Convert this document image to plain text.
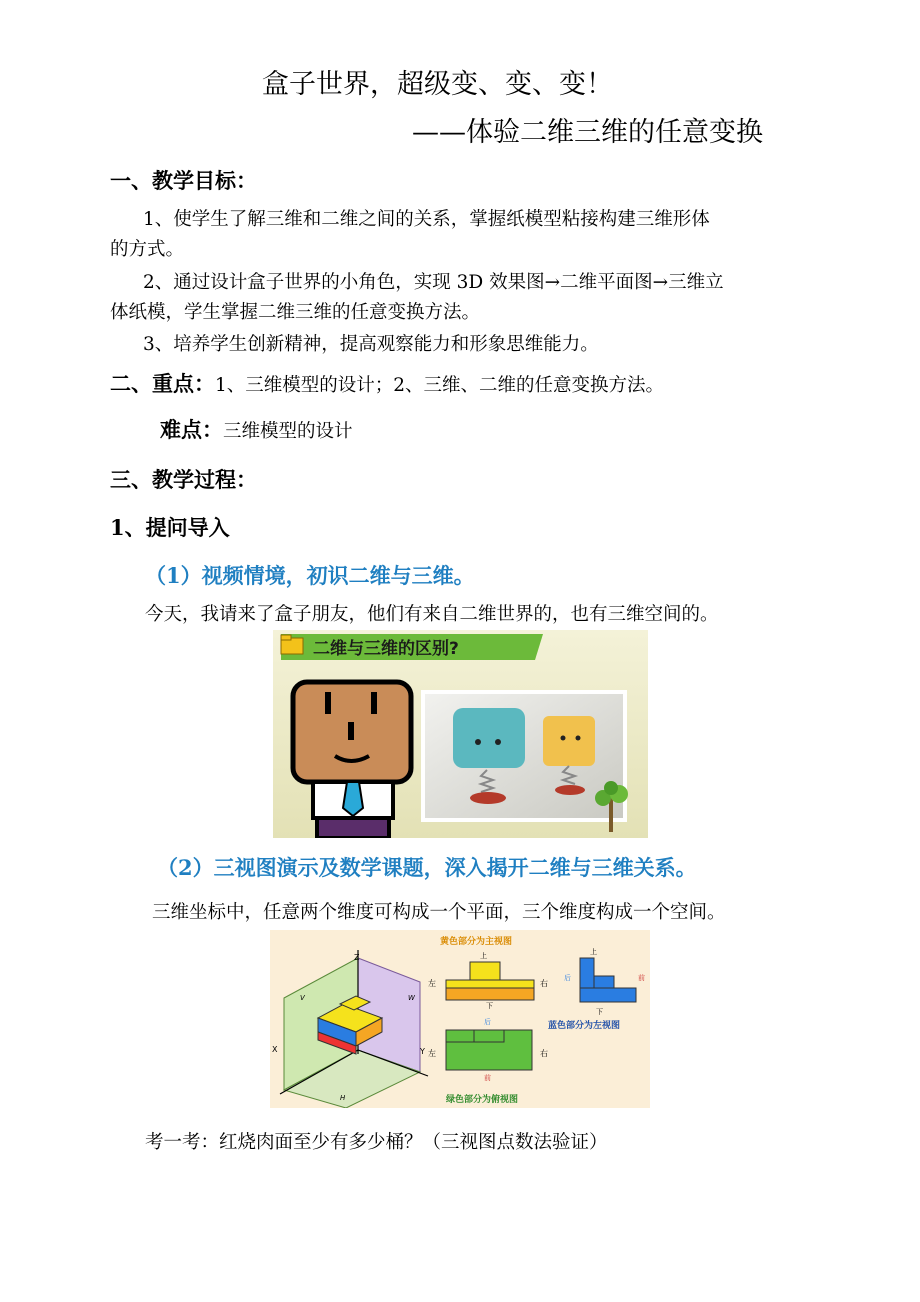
盒子世界，超级变、变、变！
——体验二维三维的任意变换
一、教学目标：
1、使学生了解三维和二维之间的关系，掌握纸模型粘接构建三维形体
的方式。
2、通过设计盒子世界的小角色，实现 3D 效果图→二维平面图→三维立
体纸模，学生掌握二维三维的任意变换方法。
3、培养学生创新精神，提高观察能力和形象思维能力。
二、重点：1、三维模型的设计；2、三维、二维的任意变换方法。
难点：三维模型的设计
三、教学过程：
1、提问导入
（1）视频情境，初识二维与三维。
今天，我请来了盒子朋友，他们有来自二维世界的，也有三维空间的。
二维与三维的区别?
（2）三视图演示及数学课题，深入揭开二维与三维关系。
三维坐标中，任意两个维度可构成一个平面，三个维度构成一个空间。
Z
X	Y
V	W
H
黄色部分为主视图
上
左	右
下
后
左	右
前
绿色部分为俯视图
上
后	前
下
蓝色部分为左视图
考一考：红烧肉面至少有多少桶？（三视图点数法验证）
